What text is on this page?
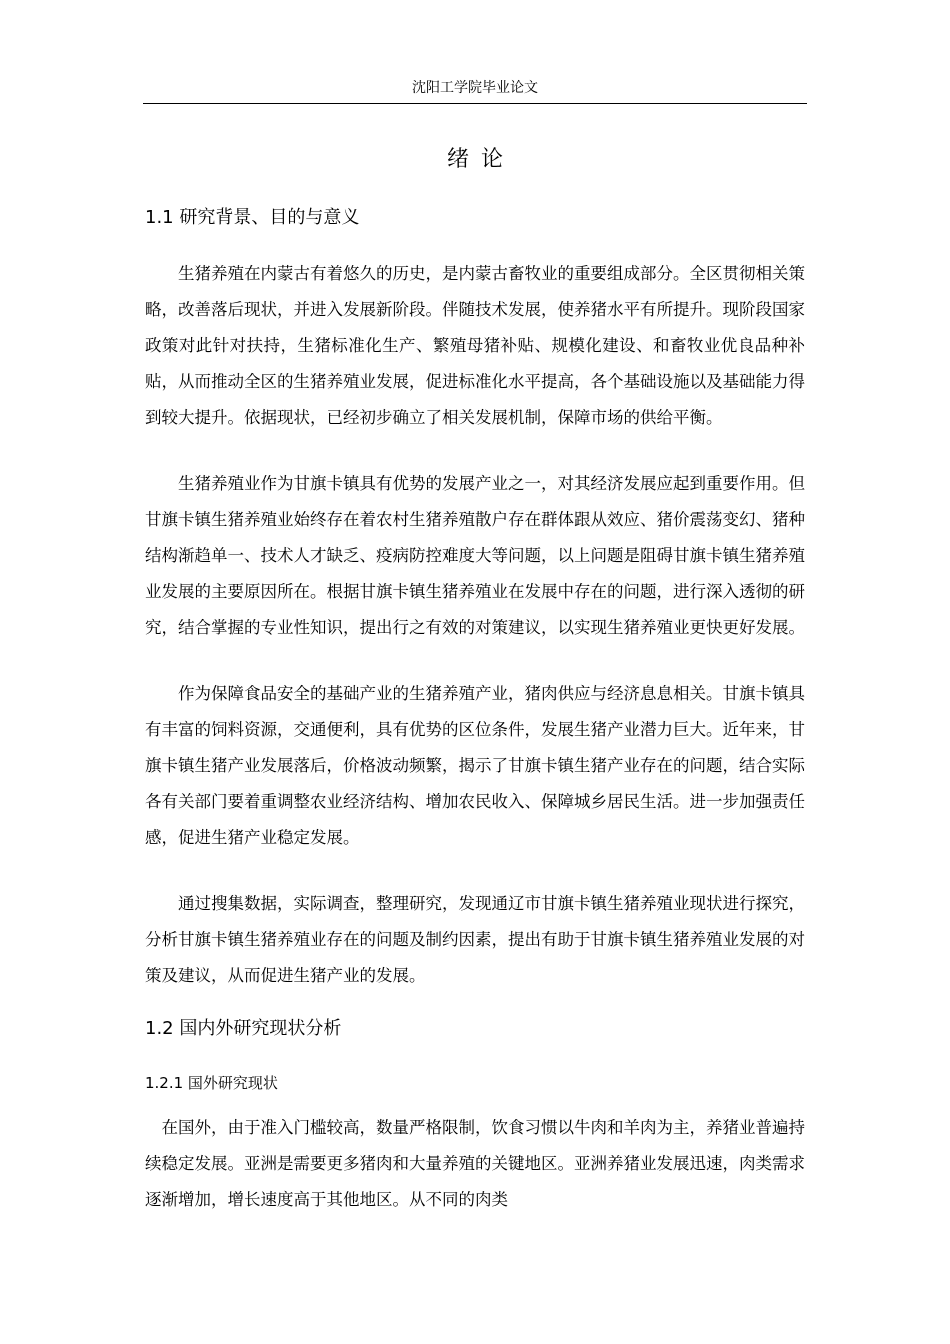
沈阳工学院毕业论文
绪论
1.1 研究背景、目的与意义

生猪养殖在内蒙古有着悠久的历史，是内蒙古畜牧业的重要组成部分。全区贯彻相关策略，改善落后现状，并进入发展新阶段。伴随技术发展，使养猪水平有所提升。现阶段国家政策对此针对扶持，生猪标准化生产、繁殖母猪补贴、规模化建设、和畜牧业优良品种补贴，从而推动全区的生猪养殖业发展，促进标准化水平提高，各个基础设施以及基础能力得到较大提升。依据现状，已经初步确立了相关发展机制，保障市场的供给平衡。

生猪养殖业作为甘旗卡镇具有优势的发展产业之一，对其经济发展应起到重要作用。但甘旗卡镇生猪养殖业始终存在着农村生猪养殖散户存在群体跟从效应、猪价震荡变幻、猪种结构渐趋单一、技术人才缺乏、疫病防控难度大等问题，以上问题是阻碍甘旗卡镇生猪养殖业发展的主要原因所在。根据甘旗卡镇生猪养殖业在发展中存在的问题，进行深入透彻的研究，结合掌握的专业性知识，提出行之有效的对策建议，以实现生猪养殖业更快更好发展。

作为保障食品安全的基础产业的生猪养殖产业，猪肉供应与经济息息相关。甘旗卡镇具有丰富的饲料资源，交通便利，具有优势的区位条件，发展生猪产业潜力巨大。近年来，甘旗卡镇生猪产业发展落后，价格波动频繁，揭示了甘旗卡镇生猪产业存在的问题，结合实际各有关部门要着重调整农业经济结构、增加农民收入、保障城乡居民生活。进一步加强责任感，促进生猪产业稳定发展。

通过搜集数据，实际调查，整理研究，发现通辽市甘旗卡镇生猪养殖业现状进行探究，分析甘旗卡镇生猪养殖业存在的问题及制约因素，提出有助于甘旗卡镇生猪养殖业发展的对策及建议，从而促进生猪产业的发展。

1.2 国内外研究现状分析
1.2.1 国外研究现状

在国外，由于准入门槛较高，数量严格限制，饮食习惯以牛肉和羊肉为主，养猪业普遍持续稳定发展。亚洲是需要更多猪肉和大量养殖的关键地区。亚洲养猪业发展迅速，肉类需求逐渐增加，增长速度高于其他地区。从不同的肉类
